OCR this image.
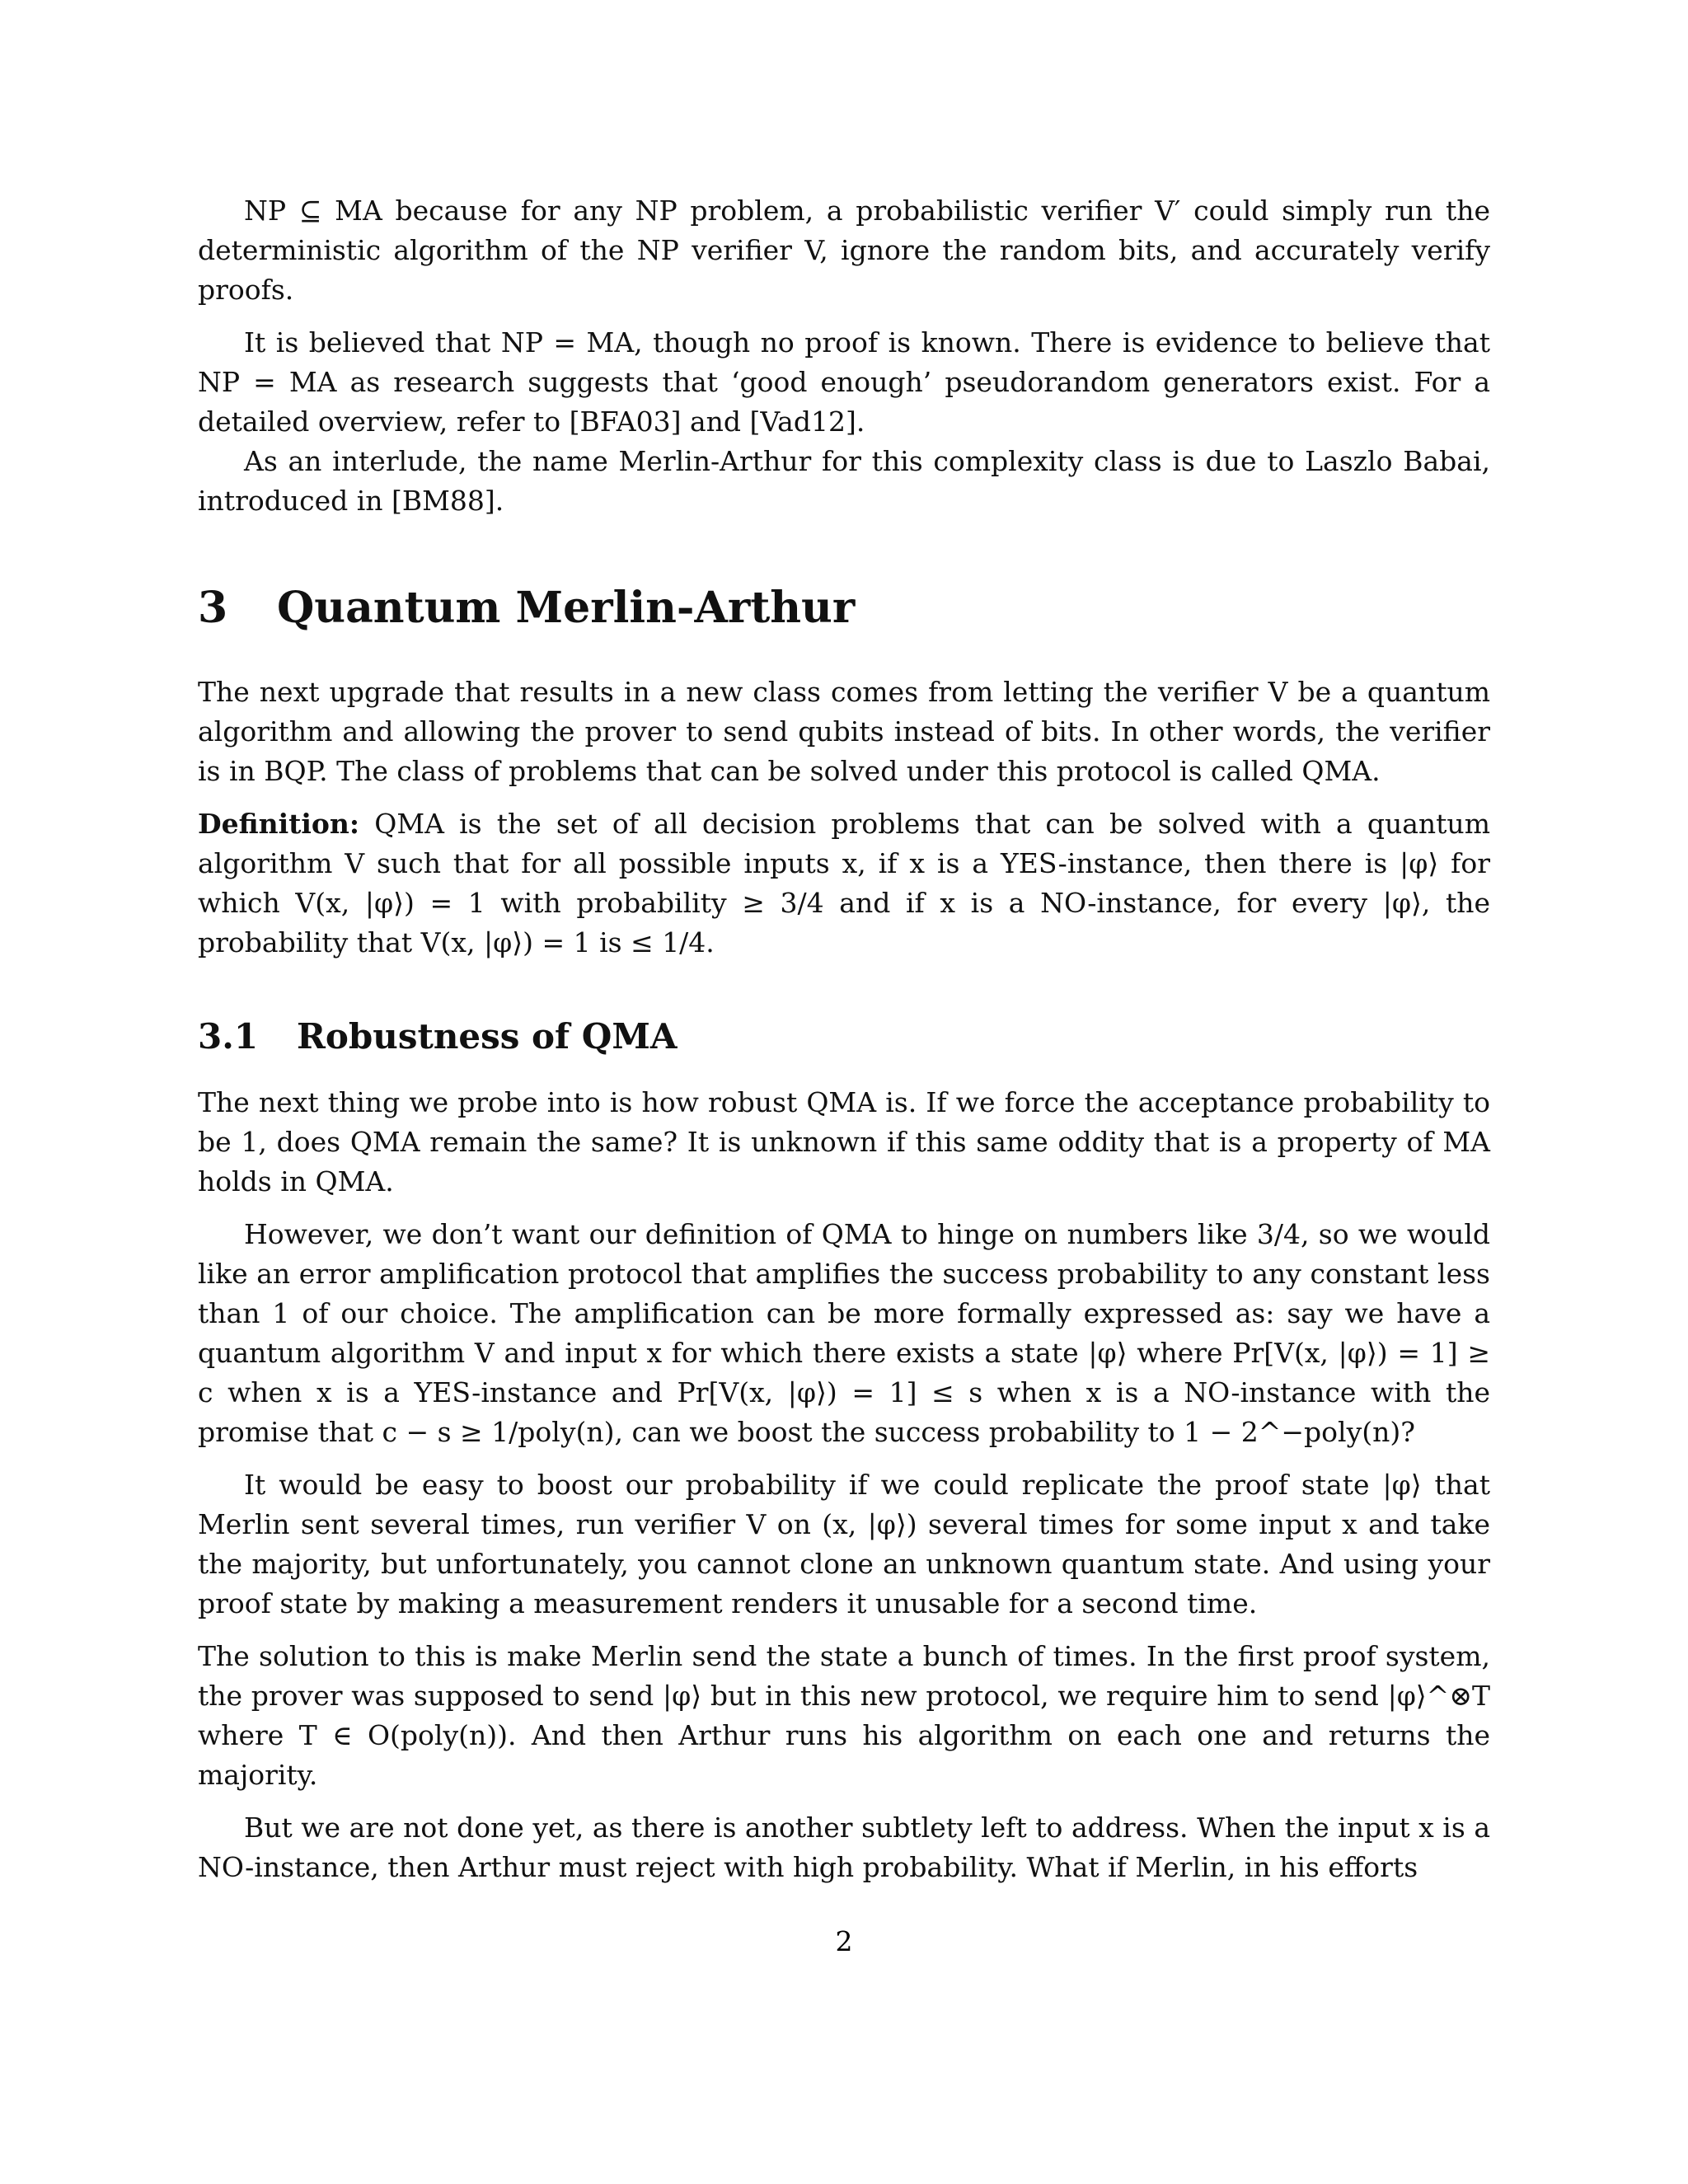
NP ⊆ MA because for any NP problem, a probabilistic verifier V′ could simply run the deterministic algorithm of the NP verifier V, ignore the random bits, and accurately verify proofs.

It is believed that NP = MA, though no proof is known. There is evidence to believe that NP = MA as research suggests that ‘good enough’ pseudorandom generators exist. For a detailed overview, refer to [BFA03] and [Vad12].

As an interlude, the name Merlin-Arthur for this complexity class is due to Laszlo Babai, introduced in [BM88].

3 Quantum Merlin-Arthur

The next upgrade that results in a new class comes from letting the verifier V be a quantum algorithm and allowing the prover to send qubits instead of bits. In other words, the verifier is in BQP. The class of problems that can be solved under this protocol is called QMA.

Definition: QMA is the set of all decision problems that can be solved with a quantum algorithm V such that for all possible inputs x, if x is a YES-instance, then there is |φ⟩ for which V(x, |φ⟩) = 1 with probability ≥ 3/4 and if x is a NO-instance, for every |φ⟩, the probability that V(x, |φ⟩) = 1 is ≤ 1/4.

3.1 Robustness of QMA

The next thing we probe into is how robust QMA is. If we force the acceptance probability to be 1, does QMA remain the same? It is unknown if this same oddity that is a property of MA holds in QMA.

However, we don’t want our definition of QMA to hinge on numbers like 3/4, so we would like an error amplification protocol that amplifies the success probability to any constant less than 1 of our choice. The amplification can be more formally expressed as: say we have a quantum algorithm V and input x for which there exists a state |φ⟩ where Pr[V(x, |φ⟩) = 1] ≥ c when x is a YES-instance and Pr[V(x, |φ⟩) = 1] ≤ s when x is a NO-instance with the promise that c − s ≥ 1/poly(n), can we boost the success probability to 1 − 2^−poly(n)?

It would be easy to boost our probability if we could replicate the proof state |φ⟩ that Merlin sent several times, run verifier V on (x, |φ⟩) several times for some input x and take the majority, but unfortunately, you cannot clone an unknown quantum state. And using your proof state by making a measurement renders it unusable for a second time.

The solution to this is make Merlin send the state a bunch of times. In the first proof system, the prover was supposed to send |φ⟩ but in this new protocol, we require him to send |φ⟩^⊗T where T ∈ O(poly(n)). And then Arthur runs his algorithm on each one and returns the majority.

But we are not done yet, as there is another subtlety left to address. When the input x is a NO-instance, then Arthur must reject with high probability. What if Merlin, in his efforts

2
